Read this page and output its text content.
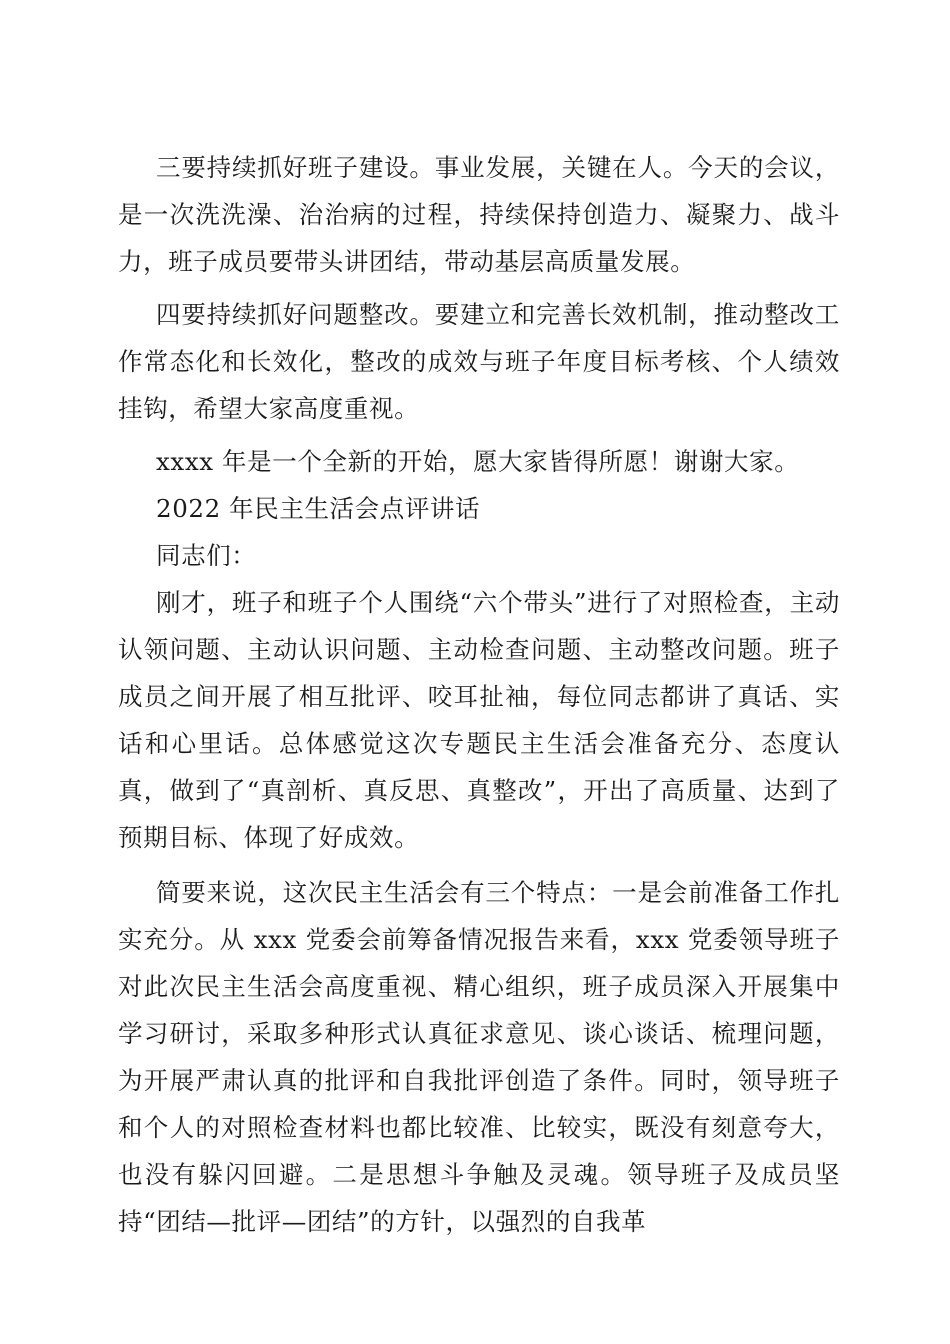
三要持续抓好班子建设。事业发展，关键在人。今天的会议，是一次洗洗澡、治治病的过程，持续保持创造力、凝聚力、战斗力，班子成员要带头讲团结，带动基层高质量发展。

四要持续抓好问题整改。要建立和完善长效机制，推动整改工作常态化和长效化，整改的成效与班子年度目标考核、个人绩效挂钩，希望大家高度重视。

xxxx 年是一个全新的开始，愿大家皆得所愿！谢谢大家。

2022 年民主生活会点评讲话

同志们：

刚才，班子和班子个人围绕“六个带头”进行了对照检查，主动认领问题、主动认识问题、主动检查问题、主动整改问题。班子成员之间开展了相互批评、咬耳扯袖，每位同志都讲了真话、实话和心里话。总体感觉这次专题民主生活会准备充分、态度认真，做到了“真剖析、真反思、真整改”，开出了高质量、达到了预期目标、体现了好成效。

简要来说，这次民主生活会有三个特点：一是会前准备工作扎实充分。从 xxx 党委会前筹备情况报告来看，xxx 党委领导班子对此次民主生活会高度重视、精心组织，班子成员深入开展集中学习研讨，采取多种形式认真征求意见、谈心谈话、梳理问题，为开展严肃认真的批评和自我批评创造了条件。同时，领导班子和个人的对照检查材料也都比较准、比较实，既没有刻意夸大，也没有躲闪回避。二是思想斗争触及灵魂。领导班子及成员坚持“团结—批评—团结”的方针，以强烈的自我革
